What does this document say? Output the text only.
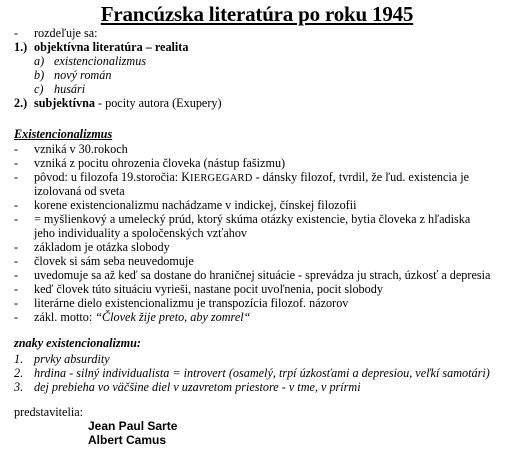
Francúzska literatúra po roku 1945
- rozdeľuje sa:
1.) objektívna literatúra – realita
a) existencionalizmus
b) nový román
c) husári
2.) subjektívna - pocity autora (Exupery)
Existencionalizmus
- vzniká v 30.rokoch
- vzniká z pocitu ohrozenia človeka (nástup fašizmu)
- pôvod: u filozofa 19.storočia: KIERGEGARD - dánsky filozof, tvrdil, že ľud. existencia je
izolovaná od sveta
- korene existencionalizmu nachádzame v indickej, čínskej filozofii
- = myšlienkový a umelecký prúd, ktorý skúma otázky existencie, bytia človeka z hľadiska
jeho individuality a spoločenských vzťahov
- základom je otázka slobody
- človek si sám seba neuvedomuje
- uvedomuje sa až keď sa dostane do hraničnej situácie - sprevádza ju strach, úzkosť a depresia
- keď človek túto situáciu vyrieši, nastane pocit uvoľnenia, pocit slobody
- literárne dielo existencionalizmu je transpozícia filozof. názorov
- zákl. motto: “Človek žije preto, aby zomrel“
znaky existencionalizmu:
1. prvky absurdity
2. hrdina - silný individualista = introvert (osamelý, trpí úzkosťami a depresiou, veľkí samotári)
3. dej prebieha vo väčšine diel v uzavretom priestore - v tme, v prírmi
predstavitelia:
Jean Paul Sarte
Albert Camus
